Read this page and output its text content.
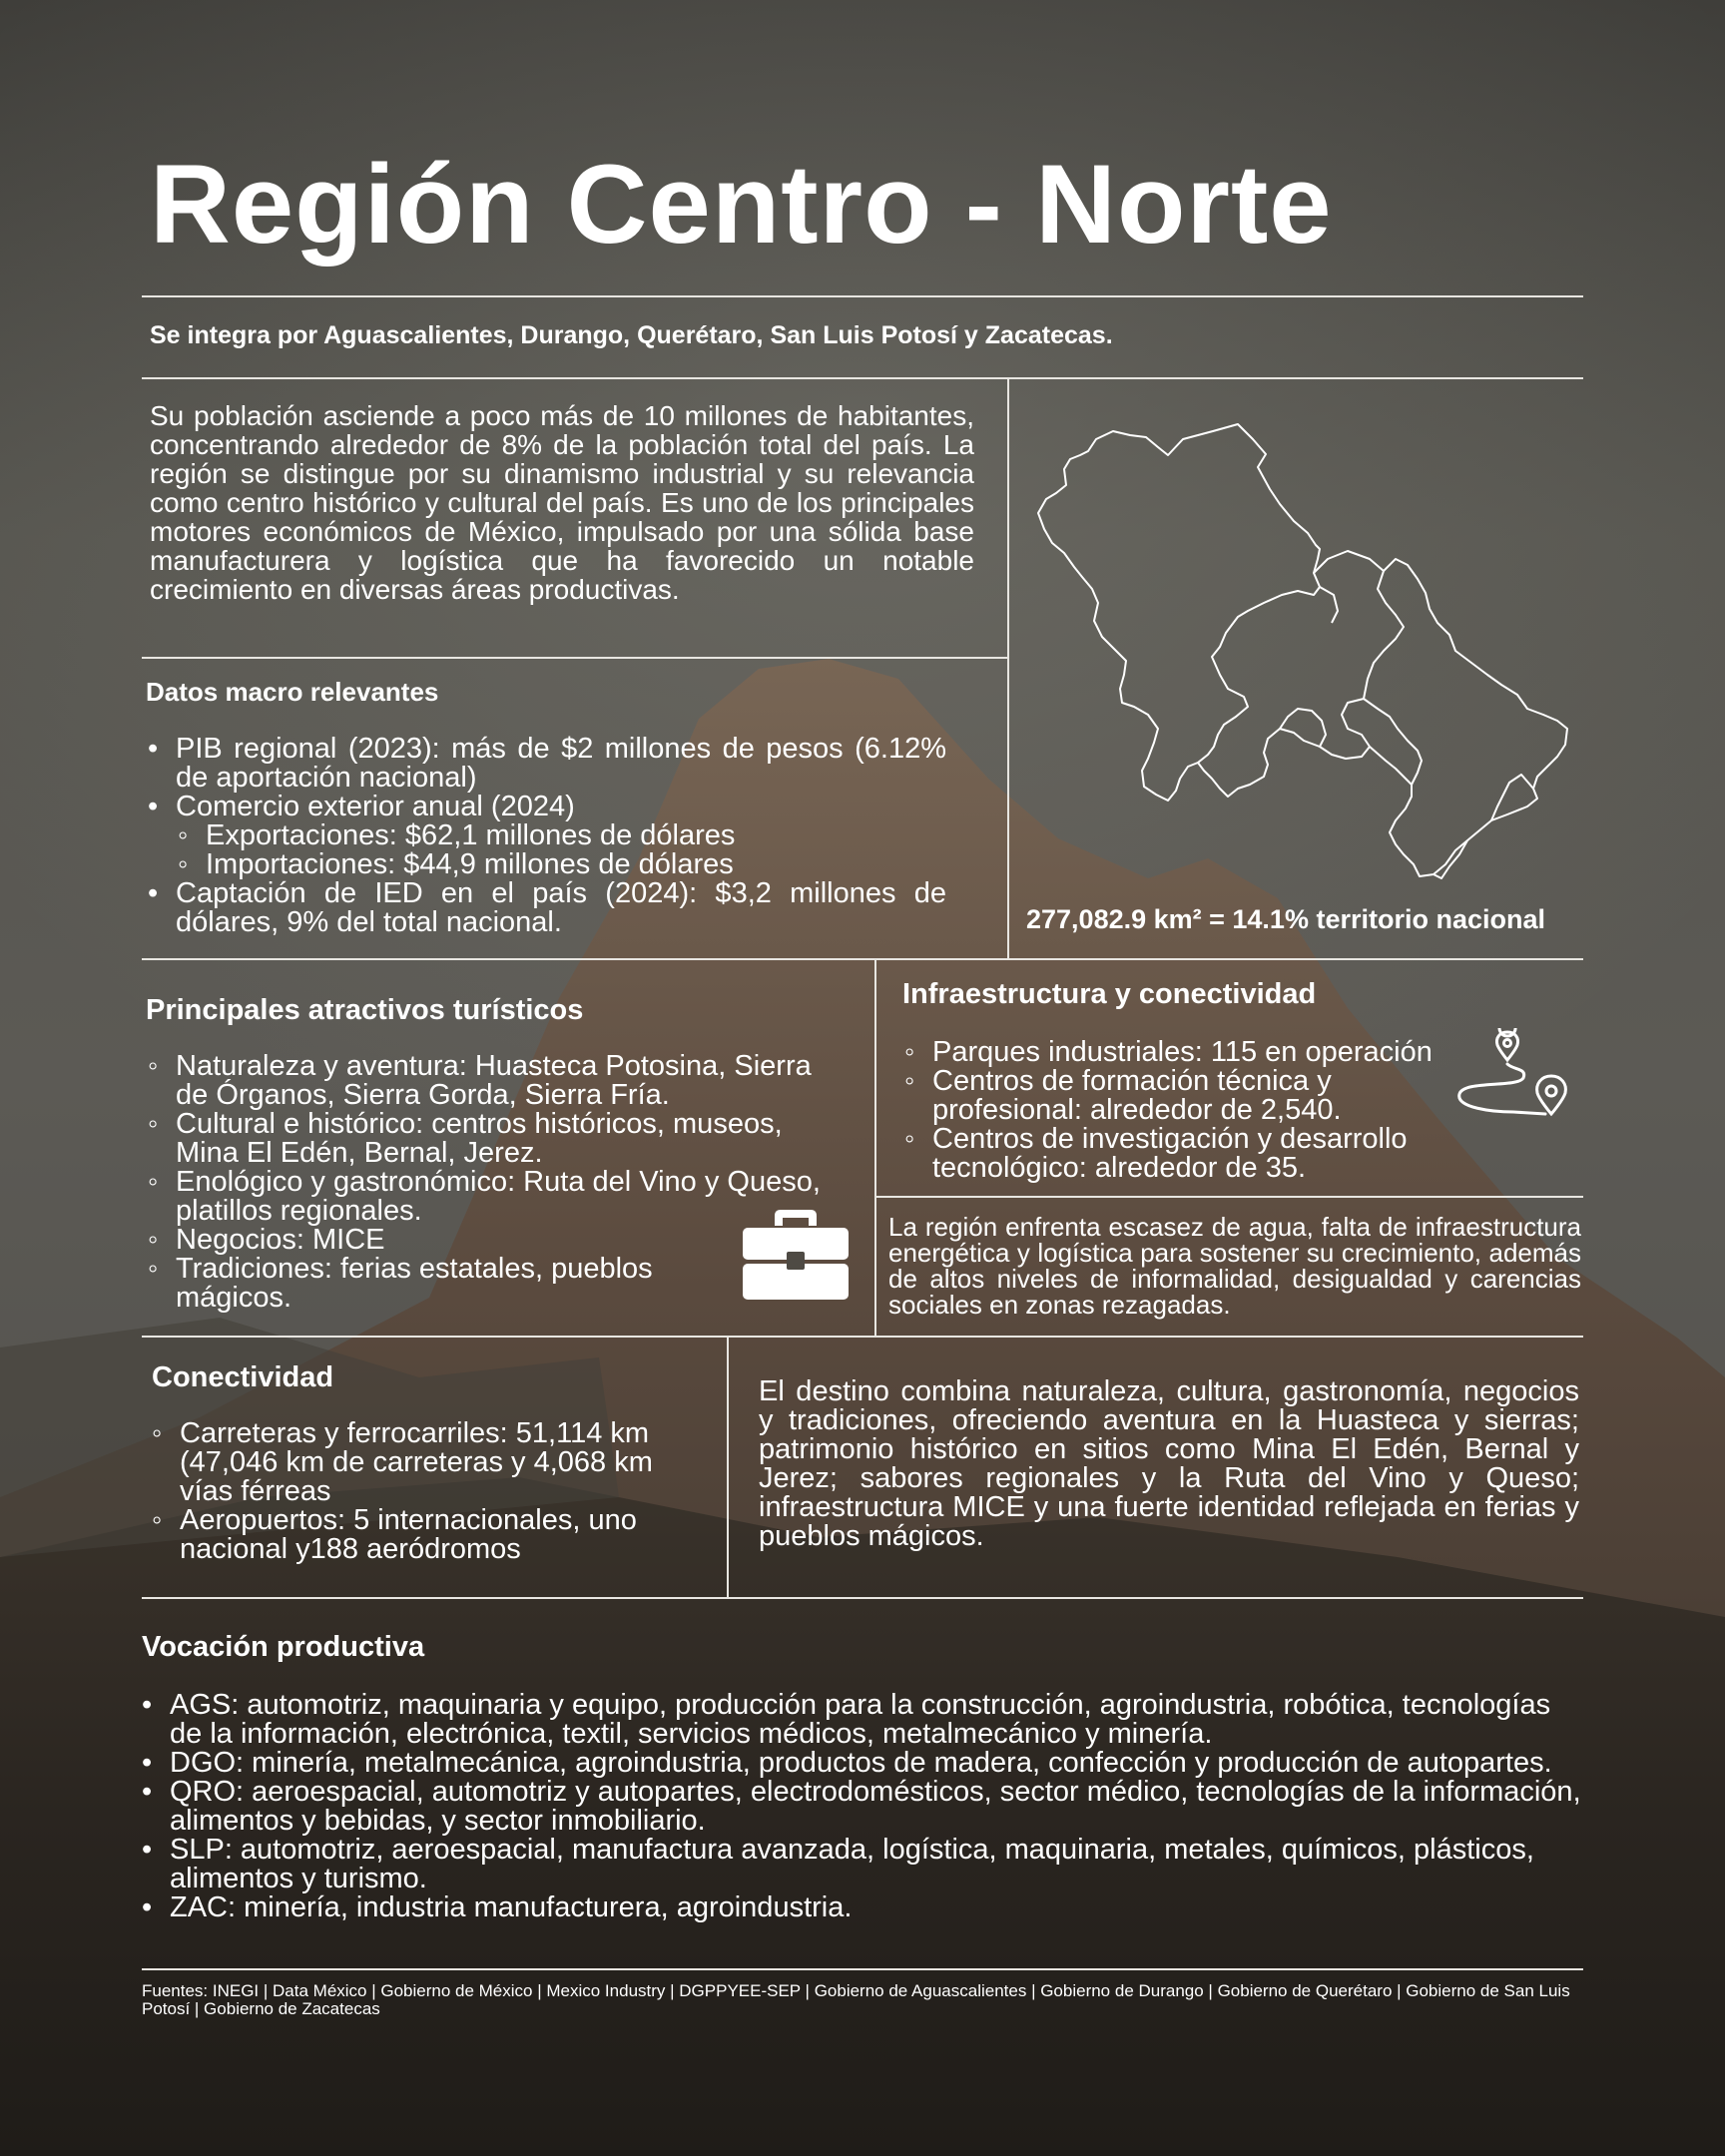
Región Centro - Norte
Se integra por Aguascalientes, Durango, Querétaro, San Luis Potosí y Zacatecas.
Su población asciende a poco más de 10 millones de habitantes, concentrando alrededor de 8% de la población total del país. La región se distingue por su dinamismo industrial y su relevancia como centro histórico y cultural del país. Es uno de los principales motores económicos de México, impulsado por una sólida base manufacturera y logística que ha favorecido un notable crecimiento en diversas áreas productivas.
Datos macro relevantes
• PIB regional (2023): más de $2 millones de pesos (6.12% de aportación nacional)
• Comercio exterior anual (2024)
◦ Exportaciones: $62,1 millones de dólares
◦ Importaciones: $44,9 millones de dólares
• Captación de IED en el país (2024): $3,2 millones de dólares, 9% del total nacional.	277,082.9 km² = 14.1% territorio nacional
Principales atractivos turísticos
◦ Naturaleza y aventura: Huasteca Potosina, Sierra de Órganos, Sierra Gorda, Sierra Fría.
◦ Cultural e histórico: centros históricos, museos, Mina El Edén, Bernal, Jerez.
◦ Enológico y gastronómico: Ruta del Vino y Queso, platillos regionales.
◦ Negocios: MICE
◦ Tradiciones: ferias estatales, pueblos mágicos.
Infraestructura y conectividad
◦ Parques industriales: 115 en operación
◦ Centros de formación técnica y profesional: alrededor de 2,540.
◦ Centros de investigación y desarrollo tecnológico: alrededor de 35.
La región enfrenta escasez de agua, falta de infraestructura energética y logística para sostener su crecimiento, además de altos niveles de informalidad, desigualdad y carencias sociales en zonas rezagadas.
Conectividad
◦ Carreteras y ferrocarriles: 51,114 km (47,046 km de carreteras y 4,068 km vías férreas
◦ Aeropuertos: 5 internacionales, uno nacional y188 aeródromos
El destino combina naturaleza, cultura, gastronomía, negocios y tradiciones, ofreciendo aventura en la Huasteca y sierras; patrimonio histórico en sitios como Mina El Edén, Bernal y Jerez; sabores regionales y la Ruta del Vino y Queso; infraestructura MICE y una fuerte identidad reflejada en ferias y pueblos mágicos.
Vocación productiva
• AGS: automotriz, maquinaria y equipo, producción para la construcción, agroindustria, robótica, tecnologías de la información, electrónica, textil, servicios médicos, metalmecánico y minería.
• DGO: minería, metalmecánica, agroindustria, productos de madera, confección y producción de autopartes.
• QRO: aeroespacial, automotriz y autopartes, electrodomésticos, sector médico, tecnologías de la información, alimentos y bebidas, y sector inmobiliario.
• SLP: automotriz, aeroespacial, manufactura avanzada, logística, maquinaria, metales, químicos, plásticos, alimentos y turismo.
• ZAC: minería, industria manufacturera, agroindustria.
Fuentes: INEGI | Data México | Gobierno de México | Mexico Industry | DGPPYEE-SEP | Gobierno de Aguascalientes | Gobierno de Durango | Gobierno de Querétaro | Gobierno de San Luis Potosí | Gobierno de Zacatecas
